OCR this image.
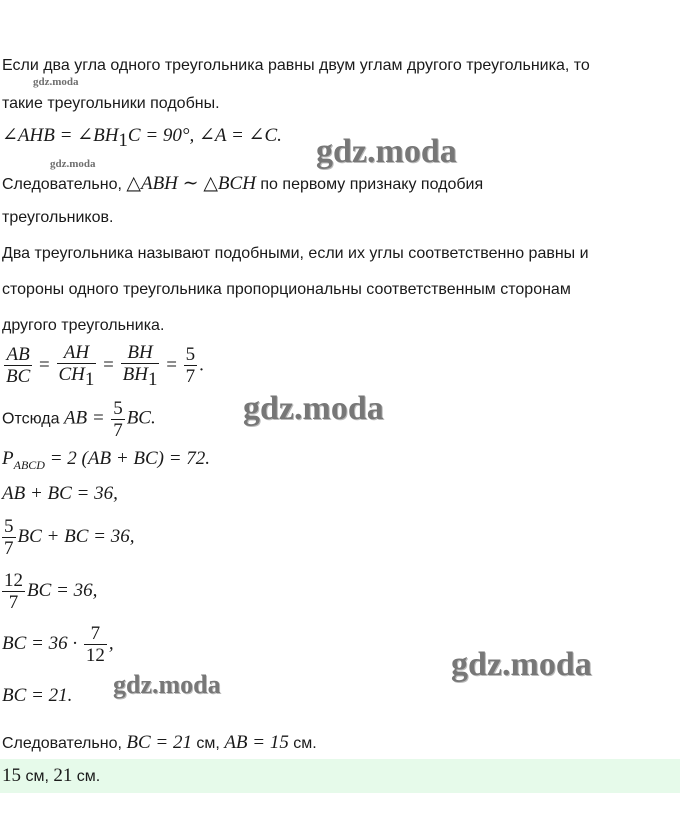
gdz.moda
gdz.moda	gdz.moda
gdz.moda
gdz.moda
gdz.moda
Если два угла одного треугольника равны двум углам другого треугольника, то
такие треугольники подобны.
∠AHB = $\angle BH_1C = 90^\circ$, ∠A = ∠C.
Следовательно, △ABH ∼ △BCH по первому признаку подобия
треугольников.
Два треугольника называют подобными, если их углы соответственно равны и
стороны одного треугольника пропорциональны соответственным сторонам
другого треугольника.
$\frac{AB}{BC} = \frac{AH}{CH_1} = \frac{BH}{BH_1} = \frac{5}{7}$ .
Отсюда AB = $\frac{5}{7}$ BC.
$P_{ABCD} = 2$ (AB + BC) = 72.
AB + BC = 36,
$\frac{5}{7}$ BC + BC = 36,
$\frac{12}{7}$ BC = 36,
BC = $36 \cdot \frac{7}{12}$ ,
BC = 21.
Следовательно, BC = 21 см, AB = 15 см.
15 см, 21 см.
